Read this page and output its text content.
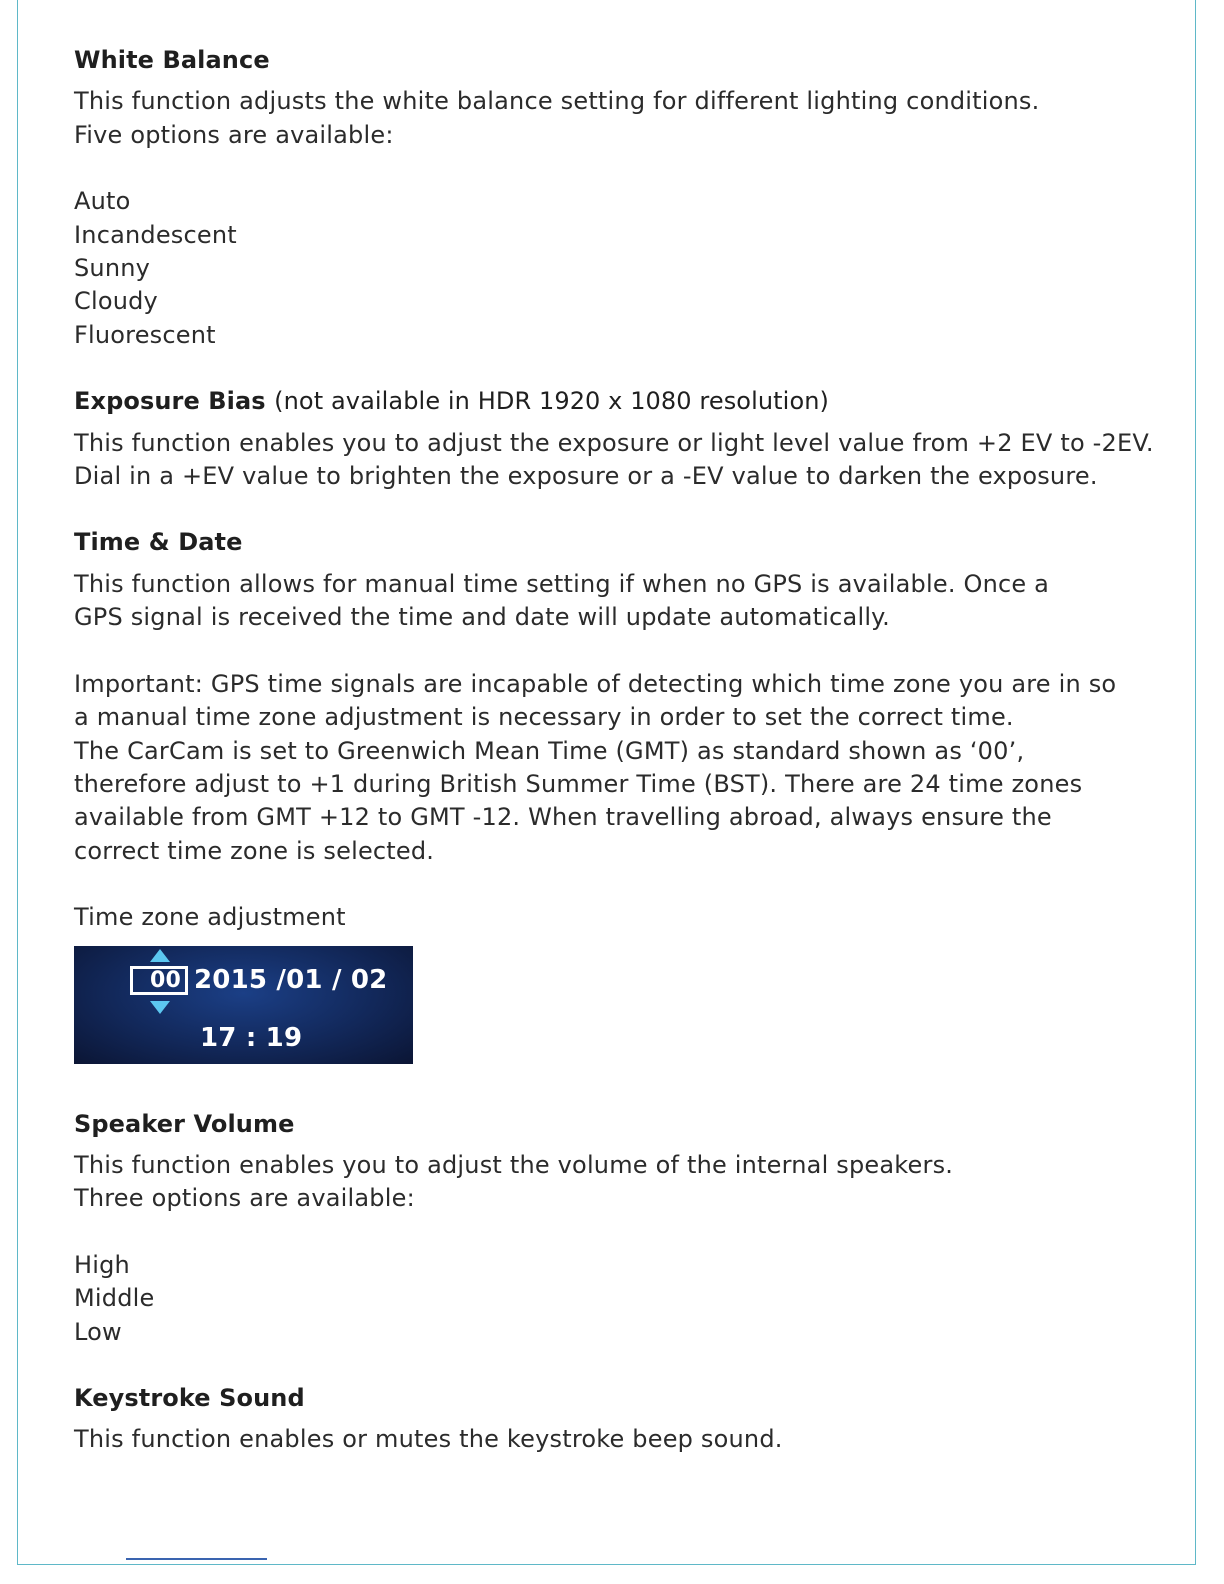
White Balance

This function adjusts the white balance setting for different lighting conditions.

Five options are available:

Auto
Incandescent
Sunny
Cloudy
Fluorescent
Exposure Bias (not available in HDR 1920 x 1080 resolution)

This function enables you to adjust the exposure or light level value from +2 EV to -2EV.

Dial in a +EV value to brighten the exposure or a -EV value to darken the exposure.

Time & Date

This function allows for manual time setting if when no GPS is available. Once a

GPS signal is received the time and date will update automatically.

Important: GPS time signals are incapable of detecting which time zone you are in so

a manual time zone adjustment is necessary in order to set the correct time.

The CarCam is set to Greenwich Mean Time (GMT) as standard shown as ‘00’,

therefore adjust to +1 during British Summer Time (BST). There are 24 time zones

available from GMT +12 to GMT -12. When travelling abroad, always ensure the

correct time zone is selected.

Time zone adjustment

00 2015 /01 / 02
17 : 19
Speaker Volume

This function enables you to adjust the volume of the internal speakers.

Three options are available:

High
Middle
Low
Keystroke Sound

This function enables or mutes the keystroke beep sound.
